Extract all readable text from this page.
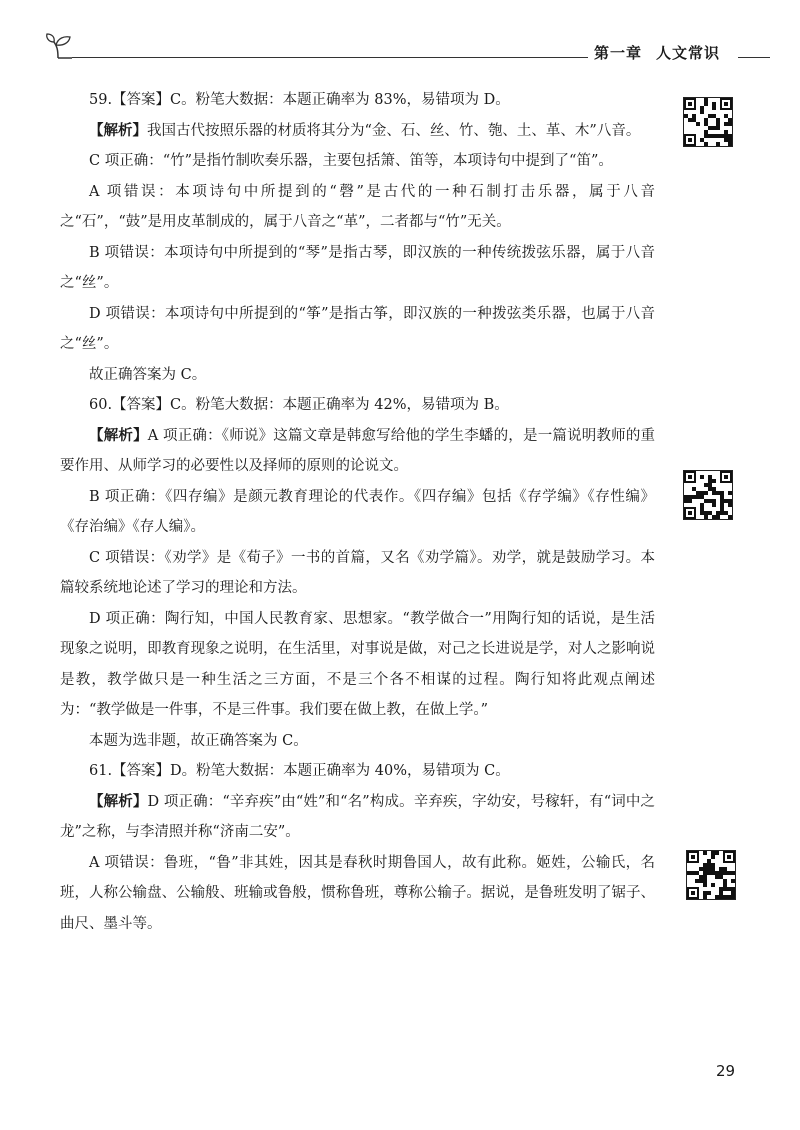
第一章 人文常识

59.【答案】C。粉笔大数据：本题正确率为 83%，易错项为 D。

【解析】我国古代按照乐器的材质将其分为“金、石、丝、竹、匏、土、革、木”八音。

C 项正确：“竹”是指竹制吹奏乐器，主要包括箫、笛等，本项诗句中提到了“笛”。

A 项错误：本项诗句中所提到的“磬”是古代的一种石制打击乐器，属于八音之“石”，“鼓”是用皮革制成的，属于八音之“革”，二者都与“竹”无关。

B 项错误：本项诗句中所提到的“琴”是指古琴，即汉族的一种传统拨弦乐器，属于八音之“丝”。

D 项错误：本项诗句中所提到的“筝”是指古筝，即汉族的一种拨弦类乐器，也属于八音之“丝”。

故正确答案为 C。

60.【答案】C。粉笔大数据：本题正确率为 42%，易错项为 B。

【解析】A 项正确：《师说》这篇文章是韩愈写给他的学生李蟠的，是一篇说明教师的重要作用、从师学习的必要性以及择师的原则的论说文。

B 项正确：《四存编》是颜元教育理论的代表作。《四存编》包括《存学编》《存性编》《存治编》《存人编》。

C 项错误：《劝学》是《荀子》一书的首篇，又名《劝学篇》。劝学，就是鼓励学习。本篇较系统地论述了学习的理论和方法。

D 项正确：陶行知，中国人民教育家、思想家。“教学做合一”用陶行知的话说，是生活现象之说明，即教育现象之说明，在生活里，对事说是做，对己之长进说是学，对人之影响说是教，教学做只是一种生活之三方面，不是三个各不相谋的过程。陶行知将此观点阐述为：“教学做是一件事，不是三件事。我们要在做上教，在做上学。”

本题为选非题，故正确答案为 C。

61.【答案】D。粉笔大数据：本题正确率为 40%，易错项为 C。

【解析】D 项正确：“辛弃疾”由“姓”和“名”构成。辛弃疾，字幼安，号稼轩，有“词中之龙”之称，与李清照并称“济南二安”。

A 项错误：鲁班，“鲁”非其姓，因其是春秋时期鲁国人，故有此称。姬姓，公输氏，名班，人称公输盘、公输般、班输或鲁般，惯称鲁班，尊称公输子。据说，是鲁班发明了锯子、曲尺、墨斗等。

29
